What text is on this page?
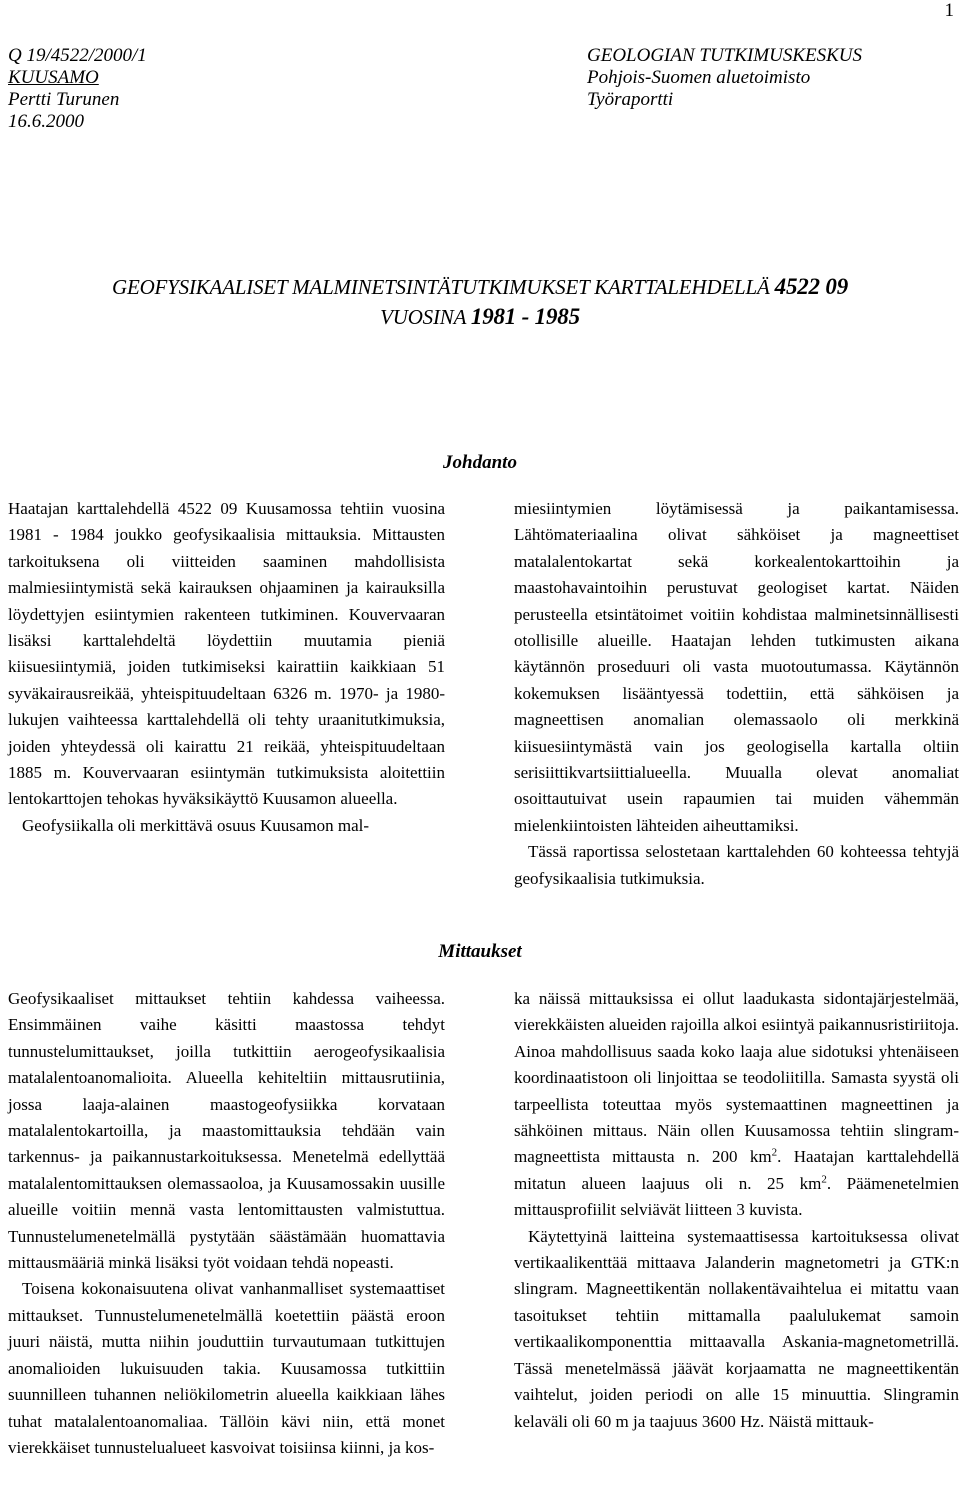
1
Q 19/4522/2000/1
KUUSAMO
Pertti Turunen
16.6.2000
GEOLOGIAN TUTKIMUSKESKUS
Pohjois-Suomen aluetoimisto
Työraportti
GEOFYSIKAALISET MALMINETSINTÄTUTKIMUKSET KARTTALEHDELLÄ 4522 09
VUOSINA 1981 - 1985
Johdanto

Haatajan karttalehdellä 4522 09 Kuusamossa tehtiin vuosina 1981 - 1984 joukko geofysikaalisia mittauksia. Mittausten tarkoituksena oli viitteiden saaminen mahdollisista malmiesiintymistä sekä kairauksen ohjaaminen ja kairauksilla löydettyjen esiintymien rakenteen tutkiminen. Kouvervaaran lisäksi karttalehdeltä löydettiin muutamia pieniä kiisuesiintymiä, joiden tutkimiseksi kairattiin kaikkiaan 51 syväkairausreikää, yhteispituudeltaan 6326 m. 1970- ja 1980-lukujen vaihteessa karttalehdellä oli tehty uraanitutkimuksia, joiden yhteydessä oli kairattu 21 reikää, yhteispituudeltaan 1885 m. Kouvervaaran esiintymän tutkimuksista aloitettiin lentokarttojen tehokas hyväksikäyttö Kuusamon alueella.

Geofysiikalla oli merkittävä osuus Kuusamon mal-

miesiintymien löytämisessä ja paikantamisessa. Lähtömateriaalina olivat sähköiset ja magneettiset matalalentokartat sekä korkealentokarttoihin ja maastohavaintoihin perustuvat geologiset kartat. Näiden perusteella etsintätoimet voitiin kohdistaa malminetsinnällisesti otollisille alueille. Haatajan lehden tutkimusten aikana käytännön proseduuri oli vasta muotoutumassa. Käytännön kokemuksen lisääntyessä todettiin, että sähköisen ja magneettisen anomalian olemassaolo oli merkkinä kiisuesiintymästä vain jos geologisella kartalla oltiin serisiittikvartsiittialueella. Muualla olevat anomaliat osoittautuivat usein rapaumien tai muiden vähemmän mielenkiintoisten lähteiden aiheuttamiksi.

Tässä raportissa selostetaan karttalehden 60 kohteessa tehtyjä geofysikaalisia tutkimuksia.

Mittaukset

Geofysikaaliset mittaukset tehtiin kahdessa vaiheessa. Ensimmäinen vaihe käsitti maastossa tehdyt tunnustelumittaukset, joilla tutkittiin aerogeofysikaalisia matalalentoanomalioita. Alueella kehiteltiin mittausrutiinia, jossa laaja-alainen maastogeofysiikka korvataan matalalentokartoilla, ja maastomittauksia tehdään vain tarkennus- ja paikannustarkoituksessa. Menetelmä edellyttää matalalentomittauksen olemassaoloa, ja Kuusamossakin uusille alueille voitiin mennä vasta lentomittausten valmistuttua. Tunnustelumenetelmällä pystytään säästämään huomattavia mittausmääriä minkä lisäksi työt voidaan tehdä nopeasti.

Toisena kokonaisuutena olivat vanhanmalliset systemaattiset mittaukset. Tunnustelumenetelmällä koetettiin päästä eroon juuri näistä, mutta niihin jouduttiin turvautumaan tutkittujen anomalioiden lukuisuuden takia. Kuusamossa tutkittiin suunnilleen tuhannen neliökilometrin alueella kaikkiaan lähes tuhat matalalentoanomaliaa. Tällöin kävi niin, että monet vierekkäiset tunnustelualueet kasvoivat toisiinsa kiinni, ja kos-

ka näissä mittauksissa ei ollut laadukasta sidontajärjestelmää, vierekkäisten alueiden rajoilla alkoi esiintyä paikannusristiriitoja. Ainoa mahdollisuus saada koko laaja alue sidotuksi yhtenäiseen koordinaatistoon oli linjoittaa se teodoliitilla. Samasta syystä oli tarpeellista toteuttaa myös systemaattinen magneettinen ja sähköinen mittaus. Näin ollen Kuusamossa tehtiin slingram-magneettista mittausta n. 200 $km^2$. Haatajan karttalehdellä mitatun alueen laajuus oli n. 25 $km^2$. Päämenetelmien mittausprofiilit selviävät liitteen 3 kuvista.

Käytettyinä laitteina systemaattisessa kartoituksessa olivat vertikaalikenttää mittaava Jalanderin magnetometri ja GTK:n slingram. Magneettikentän nollakentävaihtelua ei mitattu vaan tasoitukset tehtiin mittamalla paalulukemat samoin vertikaalikomponenttia mittaavalla Askania-magnetometrillä. Tässä menetelmässä jäävät korjaamatta ne magneettikentän vaihtelut, joiden periodi on alle 15 minuuttia. Slingramin kelaväli oli 60 m ja taajuus 3600 Hz. Näistä mittauk-
